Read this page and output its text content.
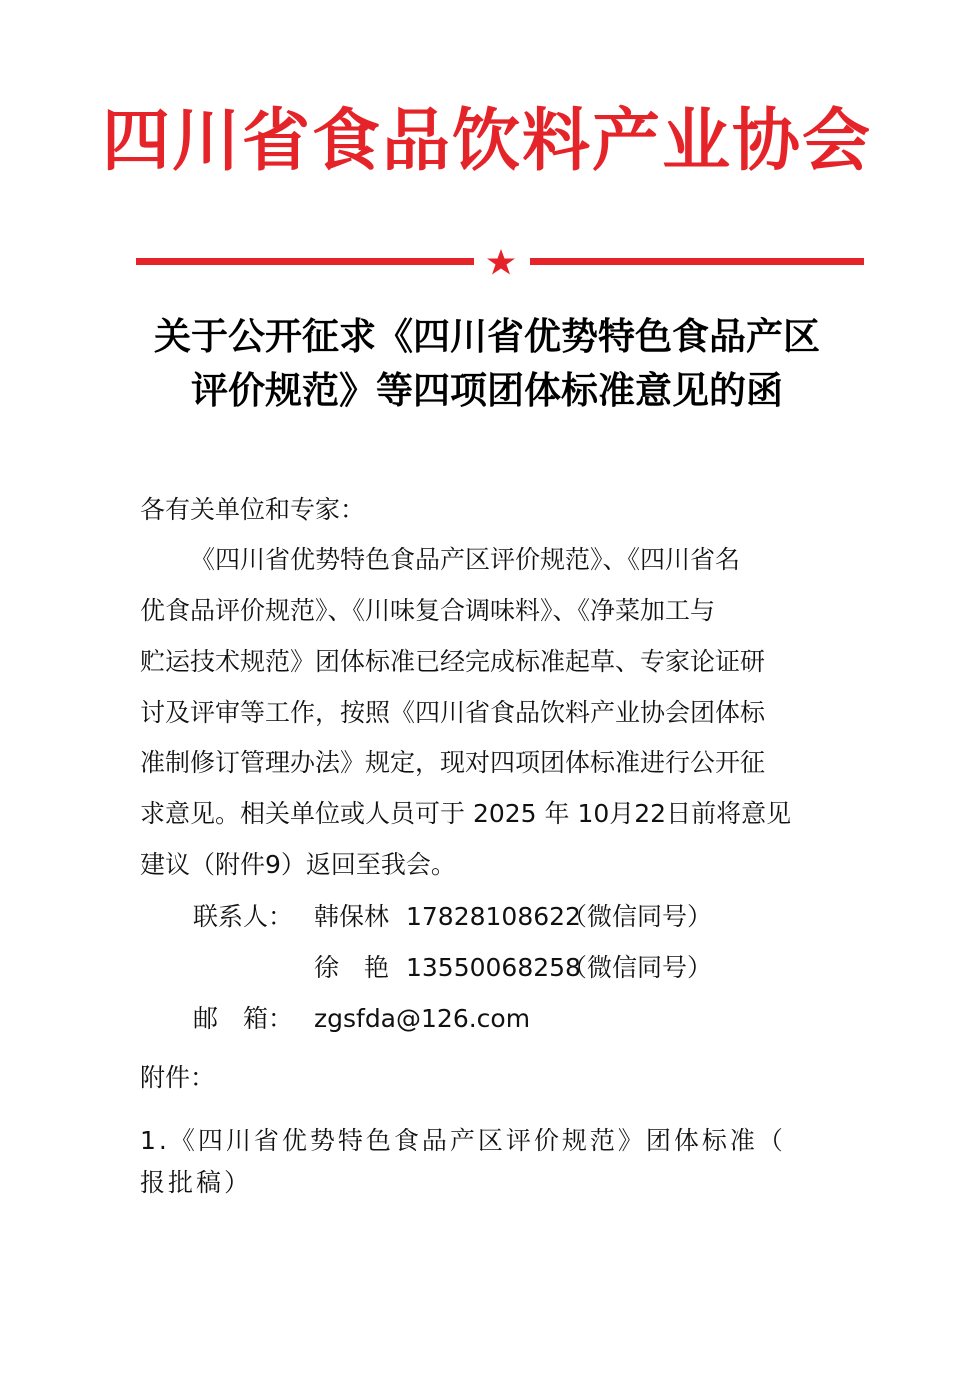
四川省食品饮料产业协会
关于公开征求《四川省优势特色食品产区
评价规范》等四项团体标准意见的函
各有关单位和专家：
《四川省优势特色食品产区评价规范》、《四川省名
优食品评价规范》、《川味复合调味料》、《净菜加工与
贮运技术规范》团体标准已经完成标准起草、专家论证研
讨及评审等工作，按照《四川省食品饮料产业协会团体标
准制修订管理办法》规定，现对四项团体标准进行公开征
求意见。相关单位或人员可于 2025 年 10月22日前将意见
建议（附件9）返回至我会。
联系人： 韩保林 17828108622
（微信同号）
徐　艳 13550068258
（微信同号）
邮　箱： zgsfda@126.com
附件：
1.《四川省优势特色食品产区评价规范》团体标准（
报批稿）
